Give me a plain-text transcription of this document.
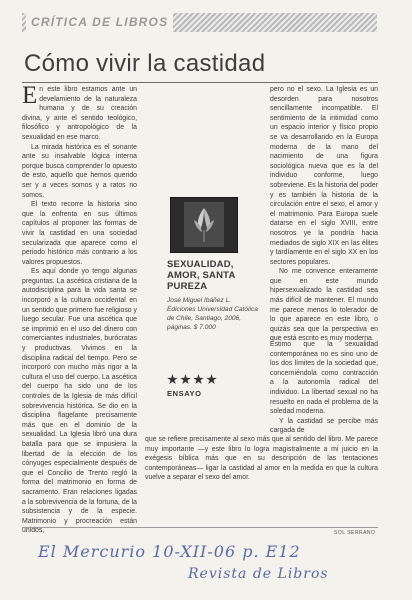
CRÍTICA DE LIBROS
Cómo vivir la castidad

En este libro estamos ante un develamiento de la naturaleza humana y de su creación divina, y ante el sentido teológico, filosófico y antropológico de la sexualidad en ese marco.

La mirada histórica es el sonante ante su insalvable lógica interna porque busca comprender lo opuesto de esto, aquello que hemos querido ser y a veces somos y a ratos no somos.

El texto recorre la historia sino que la enfrenta en sus últimos capítulos al proponer las formas de vivir la castidad en una sociedad secularizada que aparece como el periodo histórico más contrario a los valores propuestos.

Es aquí donde yo tengo algunas preguntas. La ascética cristiana de la autodisciplina para la vida santa se incorporó a la cultura occidental en un sentido que primero fue religioso y luego secular. Fue una ascética que se imprimió en el uso del dinero con comerciantes industriales, burócratas y productivas. Vivimos en la disciplina radical del tiempo. Pero se incorporó con mucho más rigor a la cultura el uso del cuerpo. La ascética del cuerpo ha sido uno de los controles de la Iglesia de más difícil sobrevivencia histórica. Se dio en la disciplina flagelante precisamente más que en el dominio de la sexualidad. La Iglesia libró una dura batalla para que se impusiera la libertad de la elección de los cónyuges especialmente después de que el Concilio de Trento regló la forma del matrimonio en forma de sacramento. Eran relaciones ligadas a la sobrevivencia de la fortuna, de la subsistencia y de la especie. Matrimonio y procreación están unidos,

pero no el sexo. La Iglesia es un desorden para nosotros sencillamente incompatible. El sentimiento de la intimidad como un espacio interior y físico propio se va desarrollando en la Europa moderna de la mano del nacimiento de una figura sociológica nueva que es la del individuo conforme, luego sobreviene. Es la historia del poder y es también la historia de la circulación entre el sexo, el amor y el matrimonio. Para Europa suele datarse en el siglo XVIII, entre nosotros ye la pondría hacia mediados de siglo XIX en las élites y tardíamente en el siglo XX en los sectores populares.

No me convence enteramente que en este mundo hipersexualizado la castidad sea más difícil de mantener. El mundo me parece menos lo tolerador de lo que aparece en este libro, o quizás sea que la perspectiva en que está escrito es muy moderna.

Estimo que la sexualidad contemporánea no es sino uno de los dos límites de la sociedad que, concerniéndola como contracción a la autonomía radical del individuo. La libertad sexual no ha resuelto en nada el problema de la soledad moderna.

Y la castidad se percibe más cargada de

que se refiere precisamente al sexo más que al sentido del libro. Me parece muy importante —y este libro lo logra magistralmente a mi juicio en la exégesis bíblica más que en su descripción de las tentaciones contemporáneas— ligar la castidad al amor en la medida en que la cultura vuelve a separar el sexo del amor.

SEXUALIDAD,
AMOR, SANTA
PUREZA
José Miguel Ibáñez L.
Ediciones Universidad Católica
de Chile, Santiago, 2006,
páginas. $ 7.000
ENSAYO
SOL SERRANO
El Mercurio 10-XII-06 p. E12
Revista de Libros
